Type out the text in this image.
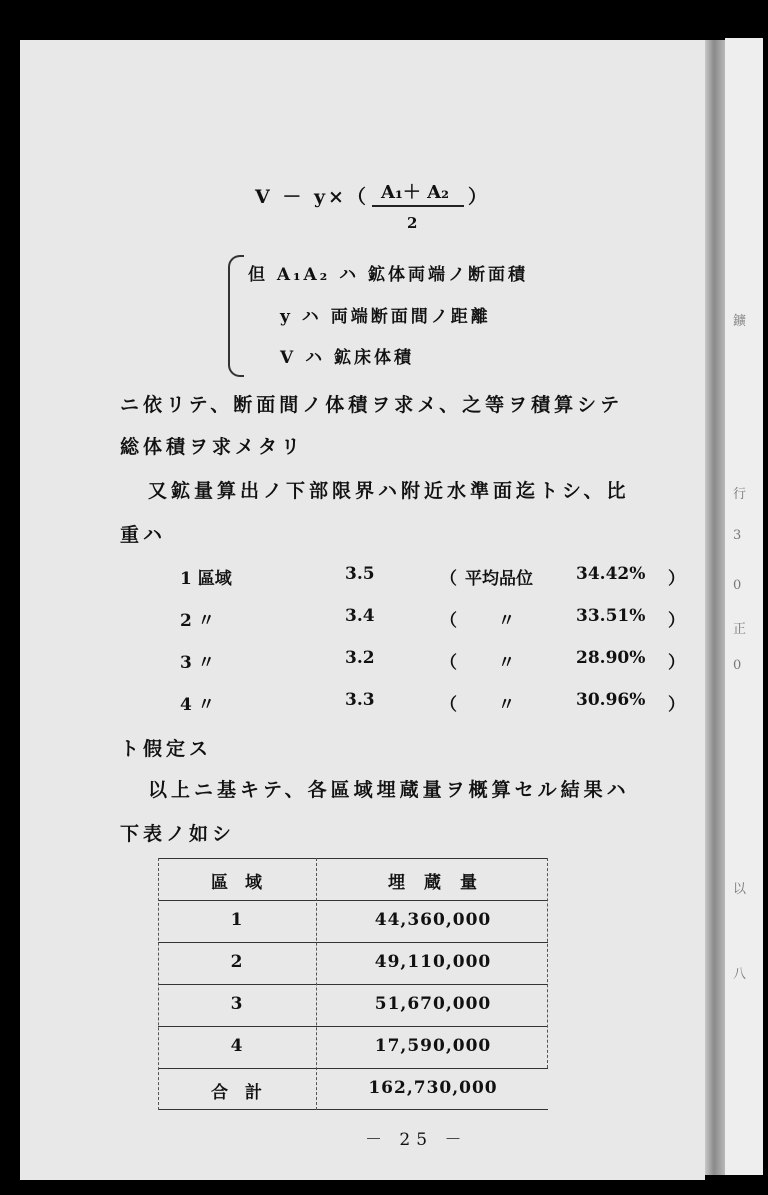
鑛
行
3
0
正
0
以
八
V － y×（ A₁＋ A₂
2
）
但 A₁A₂ ハ 鉱体両端ノ断面積
y ハ 両端断面間ノ距離
V ハ 鉱床体積
ニ依リテ、断面間ノ体積ヲ求メ、之等ヲ積算シテ
総体積ヲ求メタリ
又鉱量算出ノ下部限界ハ附近水準面迄トシ、比
重ハ
1 區域	3.5	（ 平均品位	34.42% ）
2 〃	3.4	（ 〃	33.51% ）
3 〃	3.2	（ 〃	28.90% ）
4 〃	3.3	（ 〃	30.96% ）
ト假定ス
以上ニ基キテ、各區域埋蔵量ヲ概算セル結果ハ
下表ノ如シ
區　域	埋　蔵　量
1	44,360,000
2	49,110,000
3	51,670,000
4	17,590,000
合　計	162,730,000
－ 25 －
